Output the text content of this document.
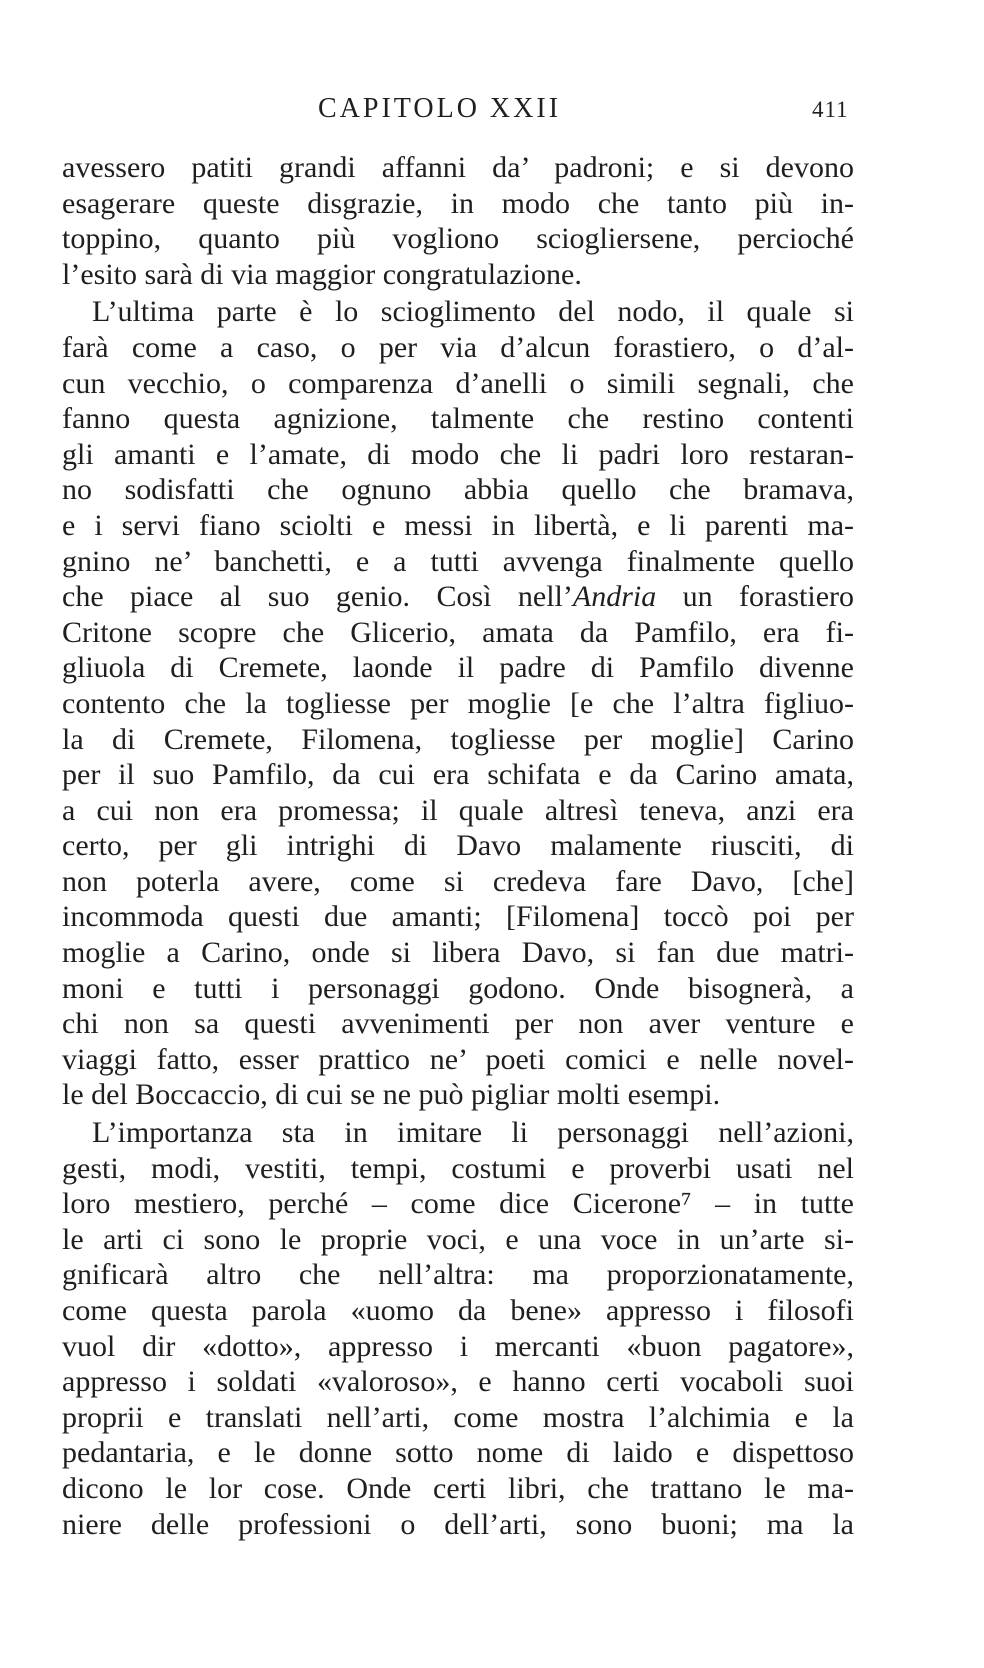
CAPITOLO XXII	411
avessero patiti grandi affanni da’ padroni; e si devono
esagerare queste disgrazie, in modo che tanto più in‑
toppino, quanto più vogliono sciogliersene, percioché
l’esito sarà di via maggior congratulazione.
L’ultima parte è lo scioglimento del nodo, il quale si
farà come a caso, o per via d’alcun forastiero, o d’al‑
cun vecchio, o comparenza d’anelli o simili segnali, che
fanno questa agnizione, talmente che restino contenti
gli amanti e l’amate, di modo che li padri loro restaran‑
no sodisfatti che ognuno abbia quello che bramava,
e i servi fiano sciolti e messi in libertà, e li parenti ma‑
gnino ne’ banchetti, e a tutti avvenga finalmente quello
che piace al suo genio. Così nell’Andria un forastiero
Critone scopre che Glicerio, amata da Pamfilo, era fi‑
gliuola di Cremete, laonde il padre di Pamfilo divenne
contento che la togliesse per moglie [e che l’altra figliuo‑
la di Cremete, Filomena, togliesse per moglie] Carino
per il suo Pamfilo, da cui era schifata e da Carino amata,
a cui non era promessa; il quale altresì teneva, anzi era
certo, per gli intrighi di Davo malamente riusciti, di
non poterla avere, come si credeva fare Davo, [che]
incommoda questi due amanti; [Filomena] toccò poi per
moglie a Carino, onde si libera Davo, si fan due matri‑
moni e tutti i personaggi godono. Onde bisognerà, a
chi non sa questi avvenimenti per non aver venture e
viaggi fatto, esser prattico ne’ poeti comici e nelle novel‑
le del Boccaccio, di cui se ne può pigliar molti esempi.
L’importanza sta in imitare li personaggi nell’azioni,
gesti, modi, vestiti, tempi, costumi e proverbi usati nel
loro mestiero, perché – come dice Cicerone⁷ – in tutte
le arti ci sono le proprie voci, e una voce in un’arte si‑
gnificarà altro che nell’altra: ma proporzionatamente,
come questa parola «uomo da bene» appresso i filosofi
vuol dir «dotto», appresso i mercanti «buon pagatore»,
appresso i soldati «valoroso», e hanno certi vocaboli suoi
proprii e translati nell’arti, come mostra l’alchimia e la
pedantaria, e le donne sotto nome di laido e dispettoso
dicono le lor cose. Onde certi libri, che trattano le ma‑
niere delle professioni o dell’arti, sono buoni; ma la
